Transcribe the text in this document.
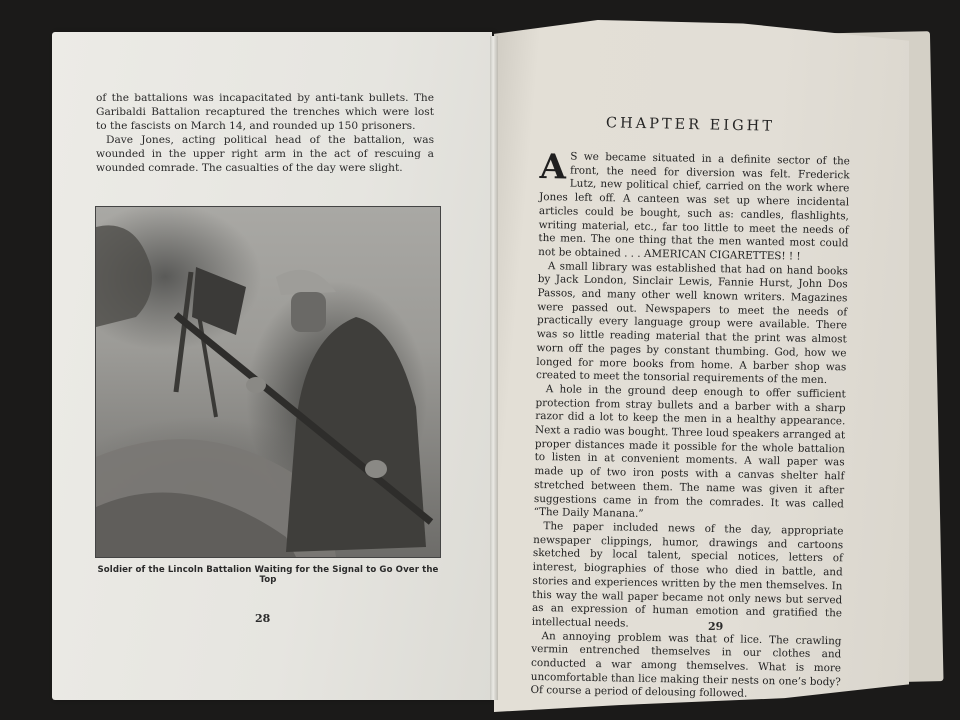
of the battalions was incapacitated by anti-tank bullets. The Garibaldi Battalion recaptured the trenches which were lost to the fascists on March 14, and rounded up 150 prisoners.

Dave Jones, acting political head of the battalion, was wounded in the upper right arm in the act of rescuing a wounded comrade. The casualties of the day were slight.

Soldier of the Lincoln Battalion Waiting for the Signal to Go Over the Top
28
CHAPTER EIGHT

A S we became situated in a definite sector of the front, the need for diversion was felt. Frederick Lutz, new political chief, carried on the work where Jones left off. A canteen was set up where incidental articles could be bought, such as: candles, flashlights, writing material, etc., far too little to meet the needs of the men. The one thing that the men wanted most could not be obtained . . . AMERICAN CIGARETTES! ! !

A small library was established that had on hand books by Jack London, Sinclair Lewis, Fannie Hurst, John Dos Passos, and many other well known writers. Magazines were passed out. Newspapers to meet the needs of practically every language group were available. There was so little reading material that the print was almost worn off the pages by constant thumbing. God, how we longed for more books from home. A barber shop was created to meet the tonsorial requirements of the men.

A hole in the ground deep enough to offer sufficient protection from stray bullets and a barber with a sharp razor did a lot to keep the men in a healthy appearance. Next a radio was bought. Three loud speakers arranged at proper distances made it possible for the whole battalion to listen in at convenient moments. A wall paper was made up of two iron posts with a canvas shelter half stretched between them. The name was given it after suggestions came in from the comrades. It was called “The Daily Manana.”

The paper included news of the day, appropriate newspaper clippings, humor, drawings and cartoons sketched by local talent, special notices, letters of interest, biographies of those who died in battle, and stories and experiences written by the men themselves. In this way the wall paper became not only news but served as an expression of human emotion and gratified the intellectual needs.

An annoying problem was that of lice. The crawling vermin entrenched themselves in our clothes and conducted a war among themselves. What is more uncomfortable than lice making their nests on one’s body? Of course a period of delousing followed.

29
